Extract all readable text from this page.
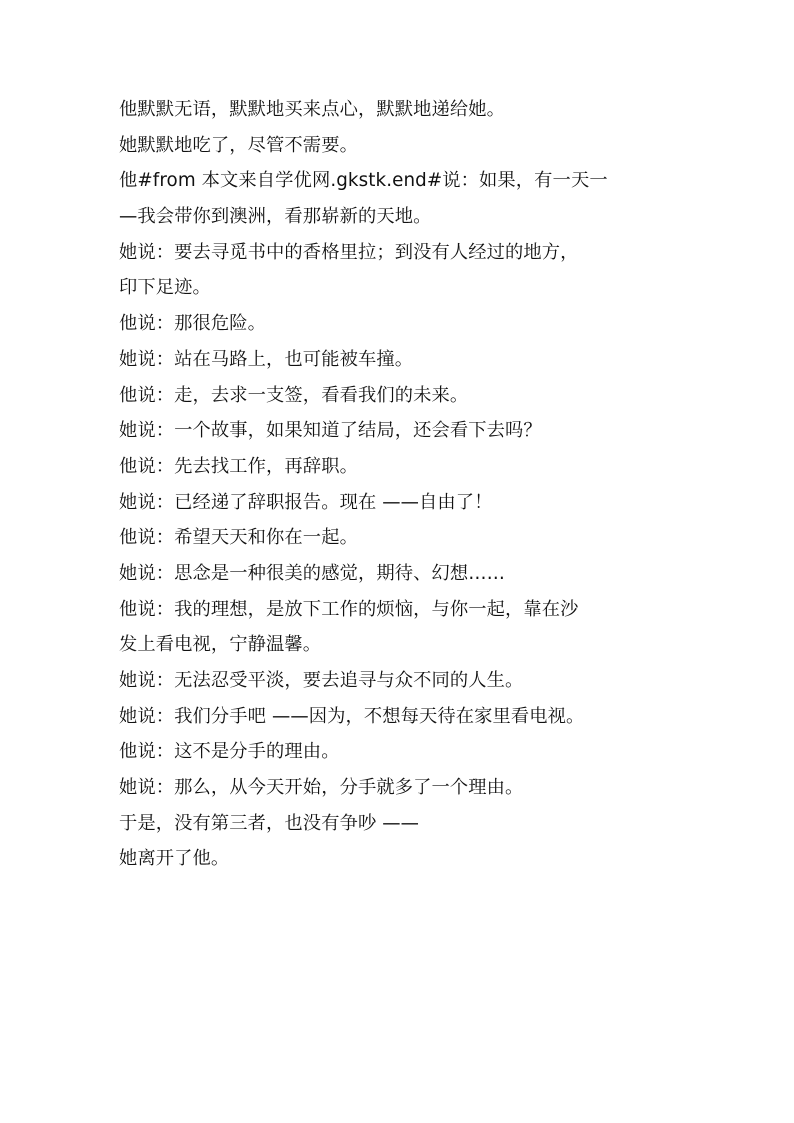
他默默无语，默默地买来点心，默默地递给她。
她默默地吃了，尽管不需要。
他#from 本文来自学优网.gkstk.end#说：如果，有一天一
—我会带你到澳洲，看那崭新的天地。
她说：要去寻觅书中的香格里拉；到没有人经过的地方，
印下足迹。
他说：那很危险。
她说：站在马路上，也可能被车撞。
他说：走，去求一支签，看看我们的未来。
她说：一个故事，如果知道了结局，还会看下去吗？
他说：先去找工作，再辞职。
她说：已经递了辞职报告。现在 ——自由了！
他说：希望天天和你在一起。
她说：思念是一种很美的感觉，期待、幻想……
他说：我的理想，是放下工作的烦恼，与你一起，靠在沙
发上看电视，宁静温馨。
她说：无法忍受平淡，要去追寻与众不同的人生。
她说：我们分手吧 ——因为，不想每天待在家里看电视。
他说：这不是分手的理由。
她说：那么，从今天开始，分手就多了一个理由。
于是，没有第三者，也没有争吵 ——
她离开了他。
